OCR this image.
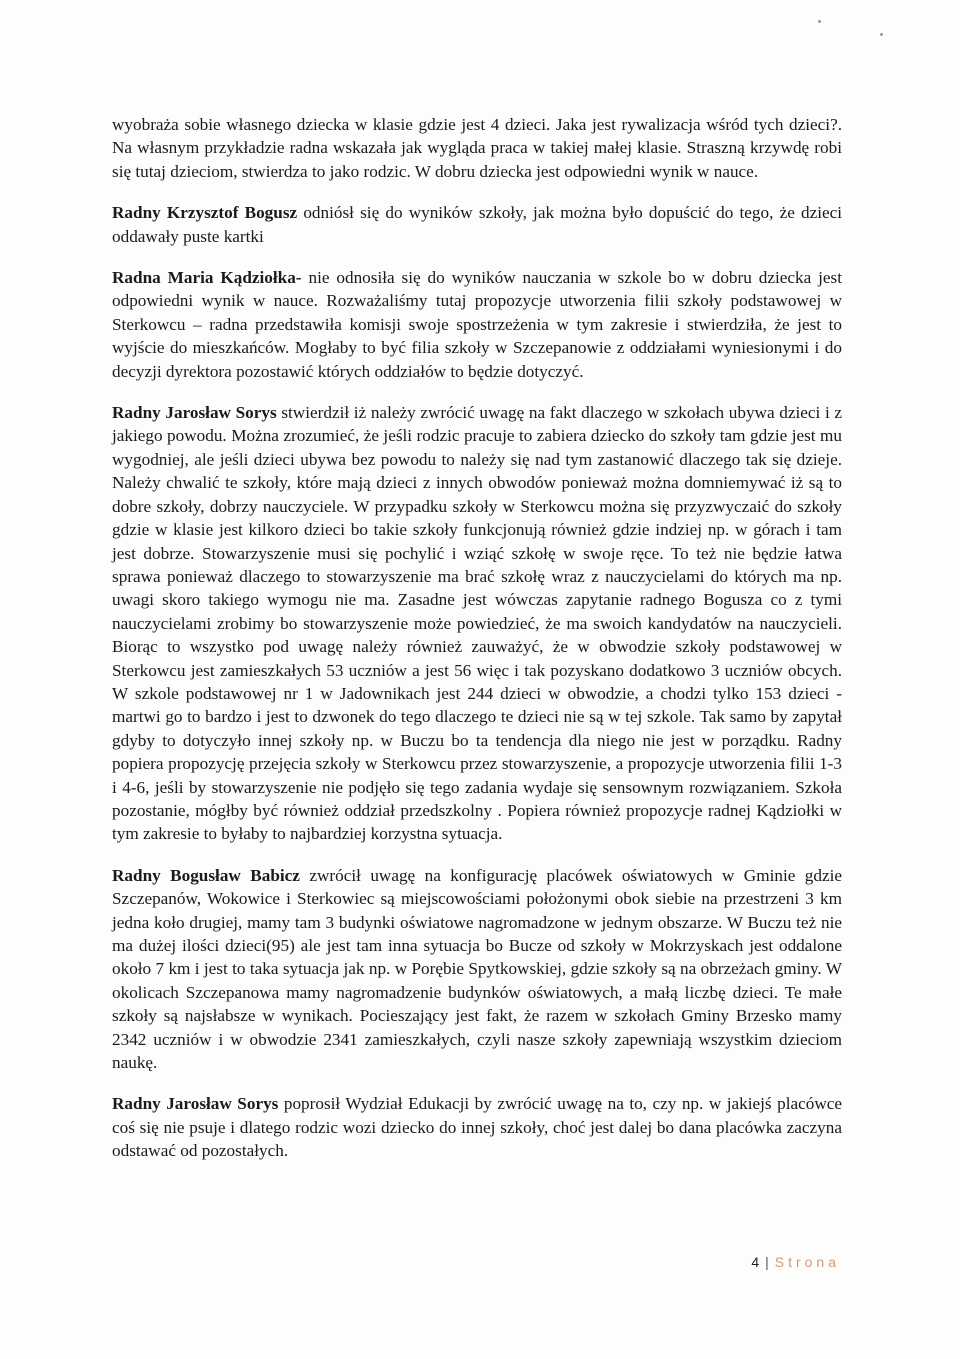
wyobraża sobie własnego dziecka w klasie gdzie jest 4 dzieci. Jaka jest rywalizacja wśród tych dzieci?. Na własnym przykładzie radna wskazała jak wygląda praca w takiej małej klasie. Straszną krzywdę robi się tutaj dzieciom, stwierdza to jako rodzic. W dobru dziecka jest odpowiedni wynik w nauce.

Radny Krzysztof Bogusz odniósł się do wyników szkoły, jak można było dopuścić do tego, że dzieci oddawały puste kartki

Radna Maria Kądziołka- nie odnosiła się do wyników nauczania w szkole bo w dobru dziecka jest odpowiedni wynik w nauce. Rozważaliśmy tutaj propozycje utworzenia filii szkoły podstawowej w Sterkowcu – radna przedstawiła komisji swoje spostrzeżenia w tym zakresie i stwierdziła, że jest to wyjście do mieszkańców. Mogłaby to być filia szkoły w Szczepanowie z oddziałami wyniesionymi i do decyzji dyrektora pozostawić których oddziałów to będzie dotyczyć.

Radny Jarosław Sorys stwierdził iż należy zwrócić uwagę na fakt dlaczego w szkołach ubywa dzieci i z jakiego powodu. Można zrozumieć, że jeśli rodzic pracuje to zabiera dziecko do szkoły tam gdzie jest mu wygodniej, ale jeśli dzieci ubywa bez powodu to należy się nad tym zastanowić dlaczego tak się dzieje. Należy chwalić te szkoły, które mają dzieci z innych obwodów ponieważ można domniemywać iż są to dobre szkoły, dobrzy nauczyciele. W przypadku szkoły w Sterkowcu można się przyzwyczaić do szkoły gdzie w klasie jest kilkoro dzieci bo takie szkoły funkcjonują również gdzie indziej np. w górach i tam jest dobrze. Stowarzyszenie musi się pochylić i wziąć szkołę w swoje ręce. To też nie będzie łatwa sprawa ponieważ dlaczego to stowarzyszenie ma brać szkołę wraz z nauczycielami do których ma np. uwagi skoro takiego wymogu nie ma. Zasadne jest wówczas zapytanie radnego Bogusza co z tymi nauczycielami zrobimy bo stowarzyszenie może powiedzieć, że ma swoich kandydatów na nauczycieli. Biorąc to wszystko pod uwagę należy również zauważyć, że w obwodzie szkoły podstawowej w Sterkowcu jest zamieszkałych 53 uczniów a jest 56 więc i tak pozyskano dodatkowo 3 uczniów obcych. W szkole podstawowej nr 1 w Jadownikach jest 244 dzieci w obwodzie, a chodzi tylko 153 dzieci - martwi go to bardzo i jest to dzwonek do tego dlaczego te dzieci nie są w tej szkole. Tak samo by zapytał gdyby to dotyczyło innej szkoły np. w Buczu bo ta tendencja dla niego nie jest w porządku. Radny popiera propozycję przejęcia szkoły w Sterkowcu przez stowarzyszenie, a propozycje utworzenia filii 1-3 i 4-6, jeśli by stowarzyszenie nie podjęło się tego zadania wydaje się sensownym rozwiązaniem. Szkoła pozostanie, mógłby być również oddział przedszkolny . Popiera również propozycje radnej Kądziołki w tym zakresie to byłaby to najbardziej korzystna sytuacja.

Radny Bogusław Babicz zwrócił uwagę na konfigurację placówek oświatowych w Gminie gdzie Szczepanów, Wokowice i Sterkowiec są miejscowościami położonymi obok siebie na przestrzeni 3 km jedna koło drugiej, mamy tam 3 budynki oświatowe nagromadzone w jednym obszarze. W Buczu też nie ma dużej ilości dzieci(95) ale jest tam inna sytuacja bo Bucze od szkoły w Mokrzyskach jest oddalone około 7 km i jest to taka sytuacja jak np. w Porębie Spytkowskiej, gdzie szkoły są na obrzeżach gminy. W okolicach Szczepanowa mamy nagromadzenie budynków oświatowych, a małą liczbę dzieci. Te małe szkoły są najsłabsze w wynikach. Pocieszający jest fakt, że razem w szkołach Gminy Brzesko mamy 2342 uczniów i w obwodzie 2341 zamieszkałych, czyli nasze szkoły zapewniają wszystkim dzieciom naukę.

Radny Jarosław Sorys poprosił Wydział Edukacji by zwrócić uwagę na to, czy np. w jakiejś placówce coś się nie psuje i dlatego rodzic wozi dziecko do innej szkoły, choć jest dalej bo dana placówka zaczyna odstawać od pozostałych.

4 | Strona
